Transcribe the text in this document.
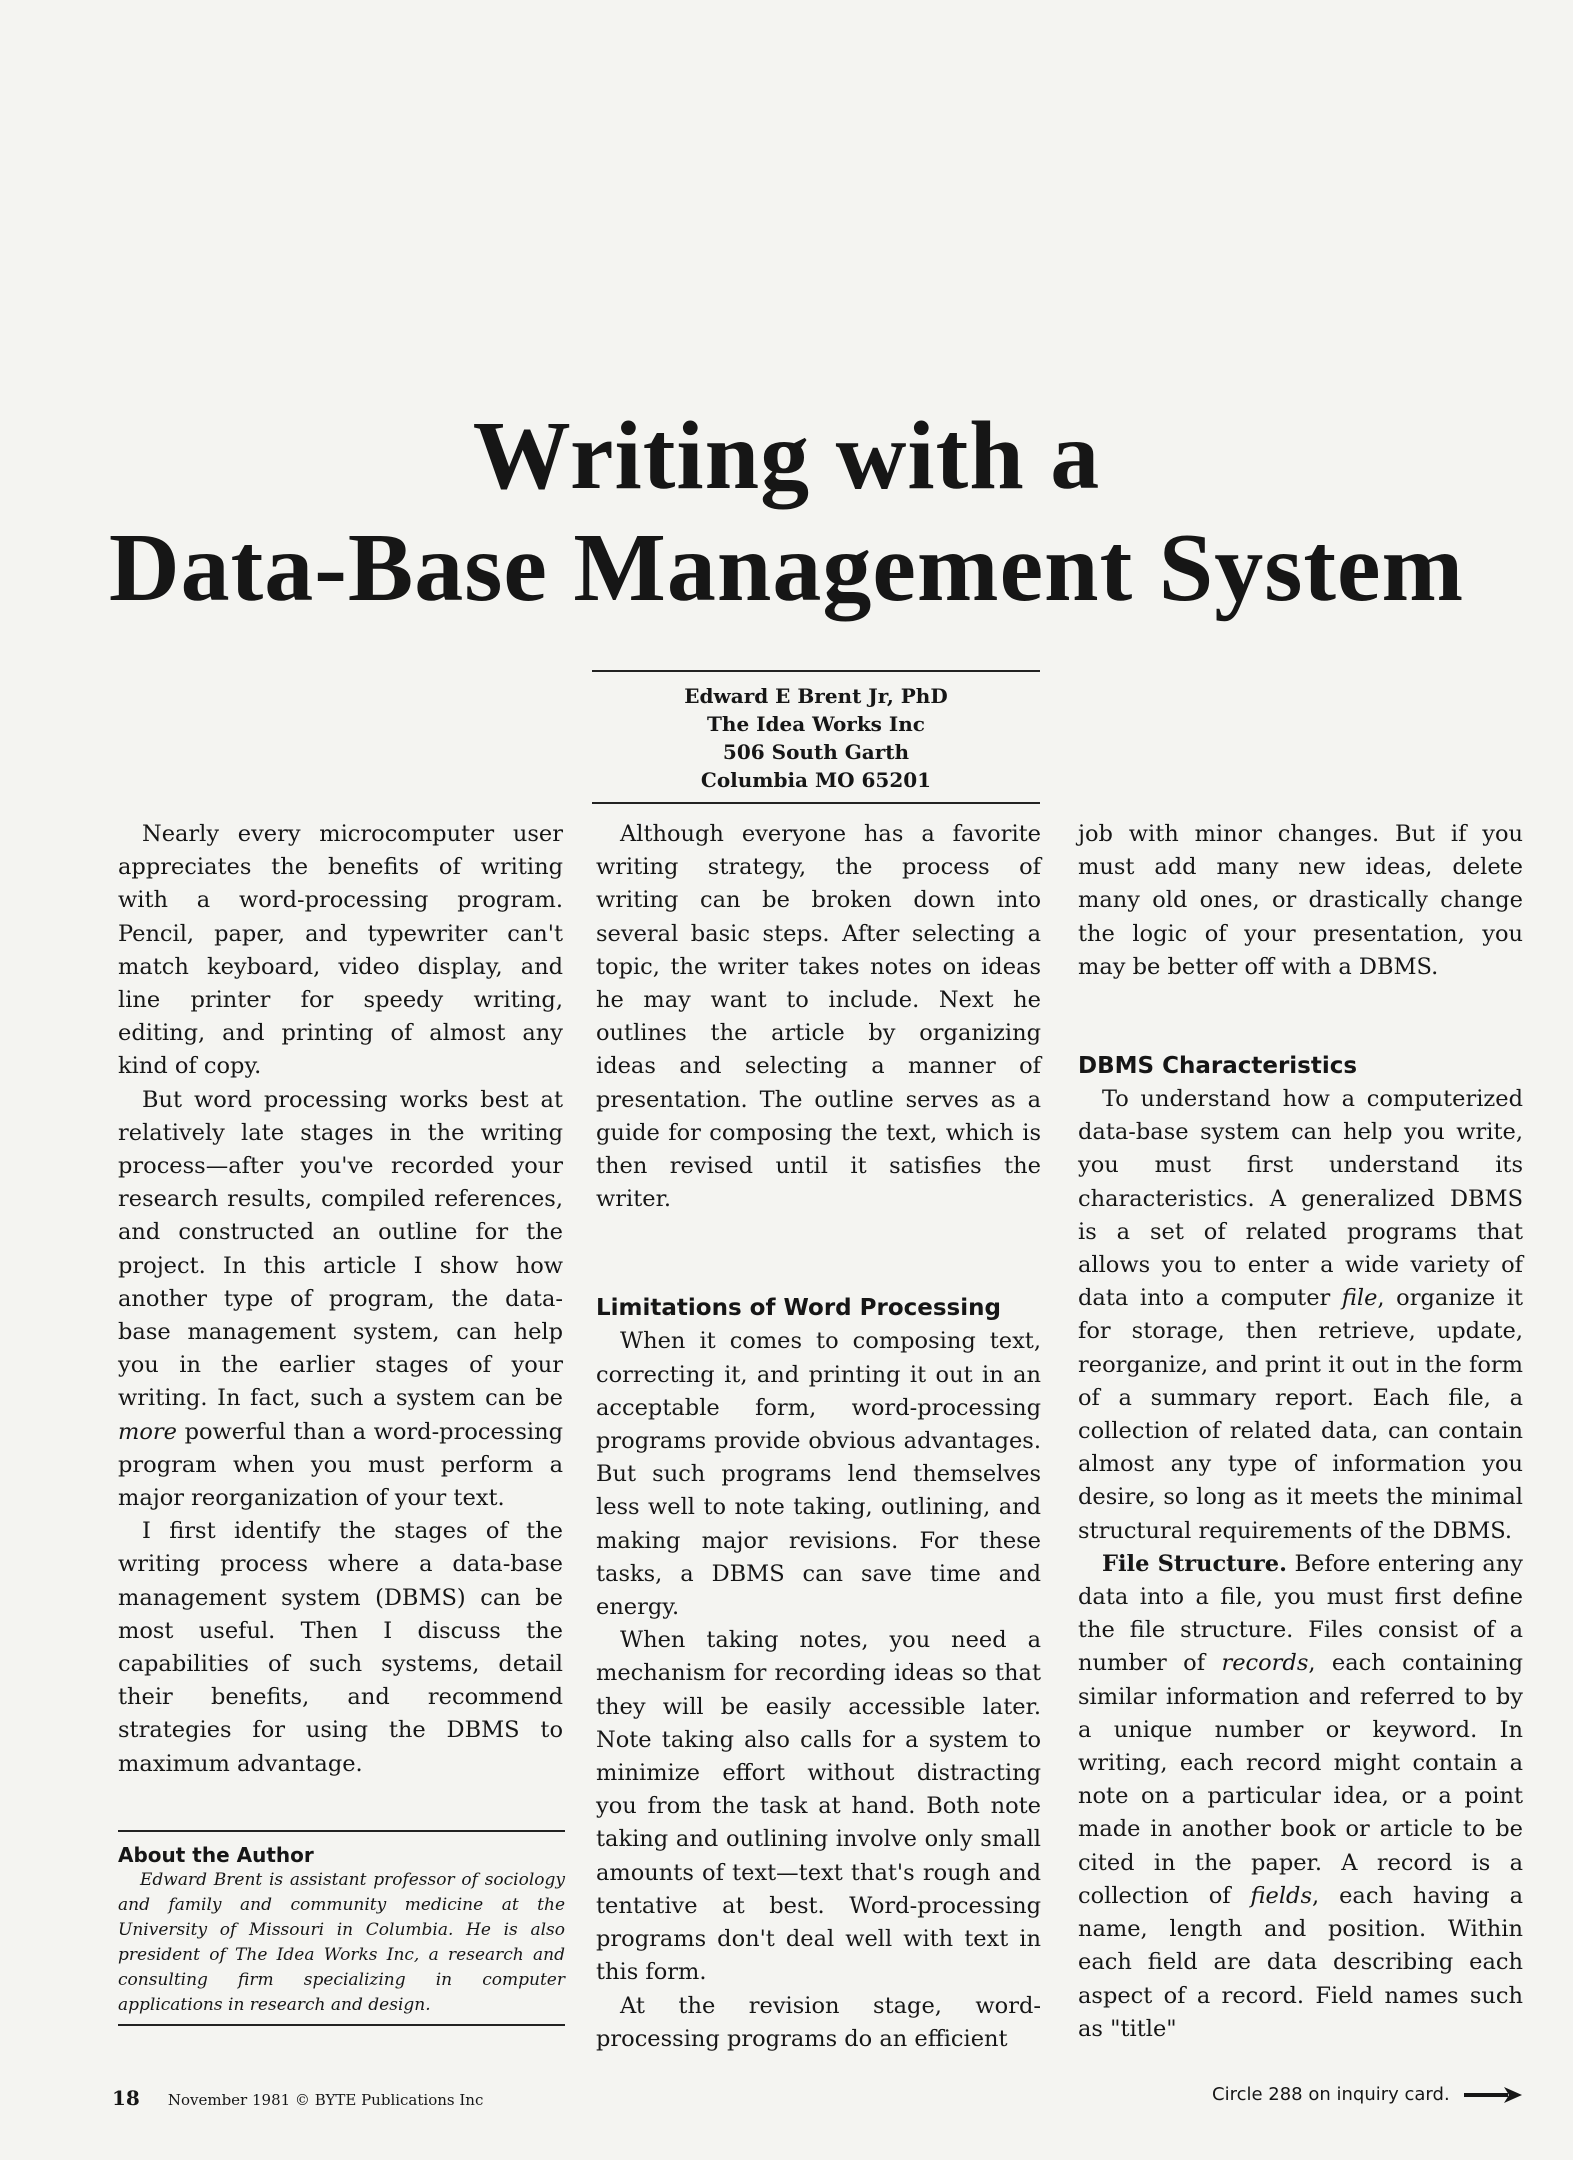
Writing with a
Data-Base Management System
Edward E Brent Jr, PhD
The Idea Works Inc
506 South Garth
Columbia MO 65201

Nearly every microcomputer user appreciates the benefits of writing with a word-processing program. Pencil, paper, and typewriter can't match keyboard, video display, and line printer for speedy writing, editing, and printing of almost any kind of copy.

But word processing works best at relatively late stages in the writing process—after you've recorded your research results, compiled references, and constructed an outline for the project. In this article I show how another type of program, the data-base management system, can help you in the earlier stages of your writing. In fact, such a system can be more powerful than a word-processing program when you must perform a major reorganization of your text.

I first identify the stages of the writing process where a data-base management system (DBMS) can be most useful. Then I discuss the capabilities of such systems, detail their benefits, and recommend strategies for using the DBMS to maximum advantage.

About the Author

Edward Brent is assistant professor of sociology and family and community medicine at the University of Missouri in Columbia. He is also president of The Idea Works Inc, a research and consulting firm specializing in computer applications in research and design.

Although everyone has a favorite writing strategy, the process of writing can be broken down into several basic steps. After selecting a topic, the writer takes notes on ideas he may want to include. Next he outlines the article by organizing ideas and selecting a manner of presentation. The outline serves as a guide for composing the text, which is then revised until it satisfies the writer.

Limitations of Word Processing

When it comes to composing text, correcting it, and printing it out in an acceptable form, word-processing programs provide obvious advantages. But such programs lend themselves less well to note taking, outlining, and making major revisions. For these tasks, a DBMS can save time and energy.

When taking notes, you need a mechanism for recording ideas so that they will be easily accessible later. Note taking also calls for a system to minimize effort without distracting you from the task at hand. Both note taking and outlining involve only small amounts of text—text that's rough and tentative at best. Word-processing programs don't deal well with text in this form.

At the revision stage, word-processing programs do an efficient

job with minor changes. But if you must add many new ideas, delete many old ones, or drastically change the logic of your presentation, you may be better off with a DBMS.

DBMS Characteristics

To understand how a computerized data-base system can help you write, you must first understand its characteristics. A generalized DBMS is a set of related programs that allows you to enter a wide variety of data into a computer file, organize it for storage, then retrieve, update, reorganize, and print it out in the form of a summary report. Each file, a collection of related data, can contain almost any type of information you desire, so long as it meets the minimal structural requirements of the DBMS.

File Structure. Before entering any data into a file, you must first define the file structure. Files consist of a number of records, each containing similar information and referred to by a unique number or keyword. In writing, each record might contain a note on a particular idea, or a point made in another book or article to be cited in the paper. A record is a collection of fields, each having a name, length and position. Within each field are data describing each aspect of a record. Field names such as "title"

18 November 1981 © BYTE Publications Inc	Circle 288 on inquiry card.
